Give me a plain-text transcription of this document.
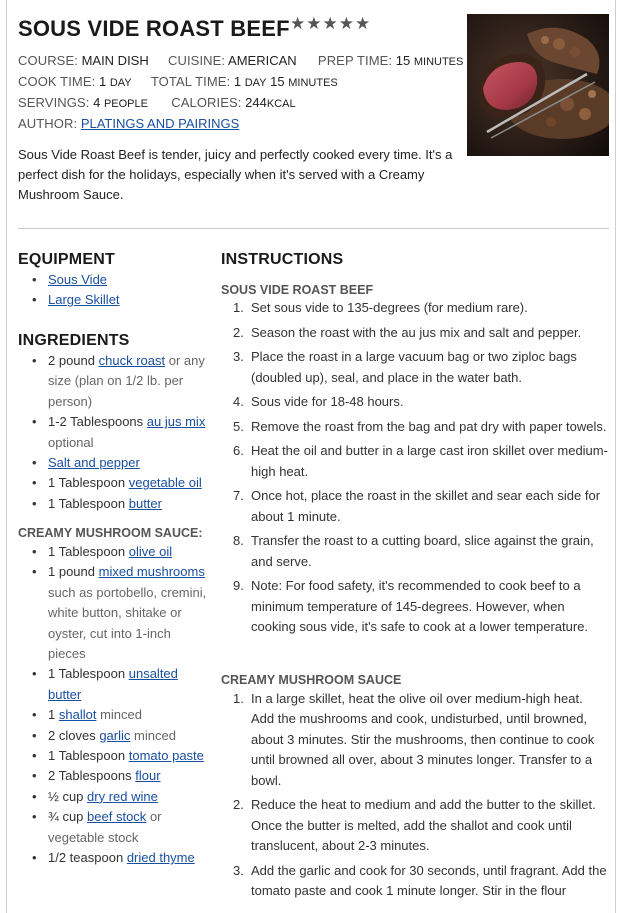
SOUS VIDE ROAST BEEF ★★★★★
COURSE: MAIN DISH CUISINE: AMERICAN PREP TIME: 15 MINUTES
COOK TIME: 1 DAY TOTAL TIME: 1 DAY 15 MINUTES
SERVINGS: 4 PEOPLE CALORIES: 244KCAL
AUTHOR: PLATINGS AND PAIRINGS
Sous Vide Roast Beef is tender, juicy and perfectly cooked every time. It's a perfect dish for the holidays, especially when it's served with a Creamy Mushroom Sauce.
EQUIPMENT
• Sous Vide
• Large Skillet
INGREDIENTS
• 2 pound chuck roast or any size (plan on 1/2 lb. per person)
• 1-2 Tablespoons au jus mix optional
• Salt and pepper
• 1 Tablespoon vegetable oil
• 1 Tablespoon butter
CREAMY MUSHROOM SAUCE:
• 1 Tablespoon olive oil
• 1 pound mixed mushrooms such as portobello, cremini, white button, shitake or oyster, cut into 1-inch pieces
• 1 Tablespoon unsalted butter
• 1 shallot minced
• 2 cloves garlic minced
• 1 Tablespoon tomato paste
• 2 Tablespoons flour
• ½ cup dry red wine
• ¾ cup beef stock or vegetable stock
• 1/2 teaspoon dried thyme
INSTRUCTIONS
SOUS VIDE ROAST BEEF
1. Set sous vide to 135-degrees (for medium rare).
2. Season the roast with the au jus mix and salt and pepper.
3. Place the roast in a large vacuum bag or two ziploc bags (doubled up), seal, and place in the water bath.
4. Sous vide for 18-48 hours.
5. Remove the roast from the bag and pat dry with paper towels.
6. Heat the oil and butter in a large cast iron skillet over medium-high heat.
7. Once hot, place the roast in the skillet and sear each side for about 1 minute.
8. Transfer the roast to a cutting board, slice against the grain, and serve.
9. Note: For food safety, it's recommended to cook beef to a minimum temperature of 145-degrees. However, when cooking sous vide, it's safe to cook at a lower temperature.
CREAMY MUSHROOM SAUCE
1. In a large skillet, heat the olive oil over medium-high heat. Add the mushrooms and cook, undisturbed, until browned, about 3 minutes. Stir the mushrooms, then continue to cook until browned all over, about 3 minutes longer. Transfer to a bowl.
2. Reduce the heat to medium and add the butter to the skillet. Once the butter is melted, add the shallot and cook until translucent, about 2-3 minutes.
3. Add the garlic and cook for 30 seconds, until fragrant. Add the tomato paste and cook 1 minute longer. Stir in the flour
